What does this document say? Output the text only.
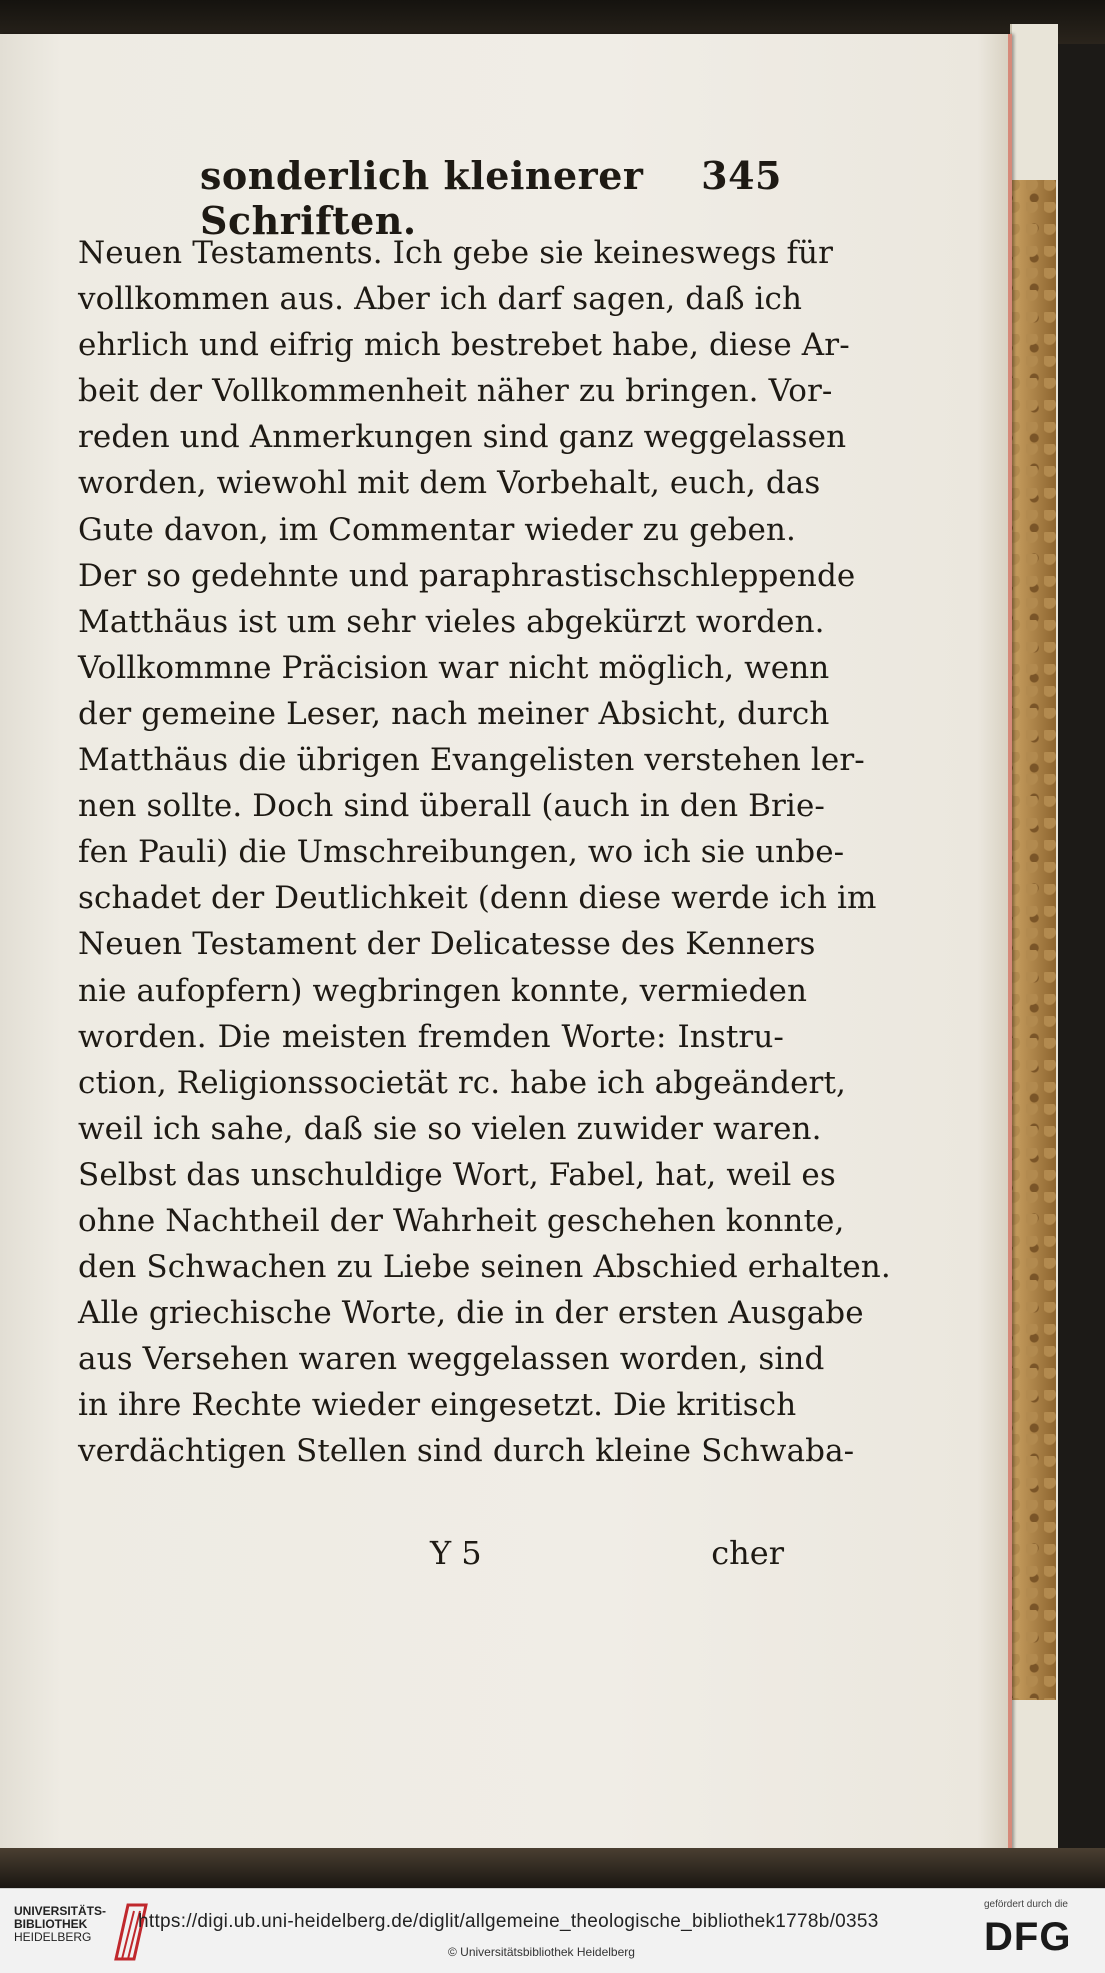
sonderlich kleinerer Schriften.
345
Neuen Testaments. Ich gebe sie keineswegs für
vollkommen aus. Aber ich darf sagen, daß ich
ehrlich und eifrig mich bestrebet habe, diese Ar-
beit der Vollkommenheit näher zu bringen. Vor-
reden und Anmerkungen sind ganz weggelassen
worden, wiewohl mit dem Vorbehalt, euch, das
Gute davon, im Commentar wieder zu geben.
Der so gedehnte und paraphrastischschleppende
Matthäus ist um sehr vieles abgekürzt worden.
Vollkommne Präcision war nicht möglich, wenn
der gemeine Leser, nach meiner Absicht, durch
Matthäus die übrigen Evangelisten verstehen ler-
nen sollte. Doch sind überall (auch in den Brie-
fen Pauli) die Umschreibungen, wo ich sie unbe-
schadet der Deutlichkeit (denn diese werde ich im
Neuen Testament der Delicatesse des Kenners
nie aufopfern) wegbringen konnte, vermieden
worden. Die meisten fremden Worte: Instru-
ction, Religionssocietät rc. habe ich abgeändert,
weil ich sahe, daß sie so vielen zuwider waren.
Selbst das unschuldige Wort, Fabel, hat, weil es
ohne Nachtheil der Wahrheit geschehen konnte,
den Schwachen zu Liebe seinen Abschied erhalten.
Alle griechische Worte, die in der ersten Ausgabe
aus Versehen waren weggelassen worden, sind
in ihre Rechte wieder eingesetzt. Die kritisch
verdächtigen Stellen sind durch kleine Schwaba-
Y 5	cher
UNIVERSITÄTS-
BIBLIOTHEK
HEIDELBERG
https://digi.ub.uni-heidelberg.de/diglit/allgemeine_theologische_bibliothek1778b/0353
© Universitätsbibliothek Heidelberg
gefördert durch die
DFG
